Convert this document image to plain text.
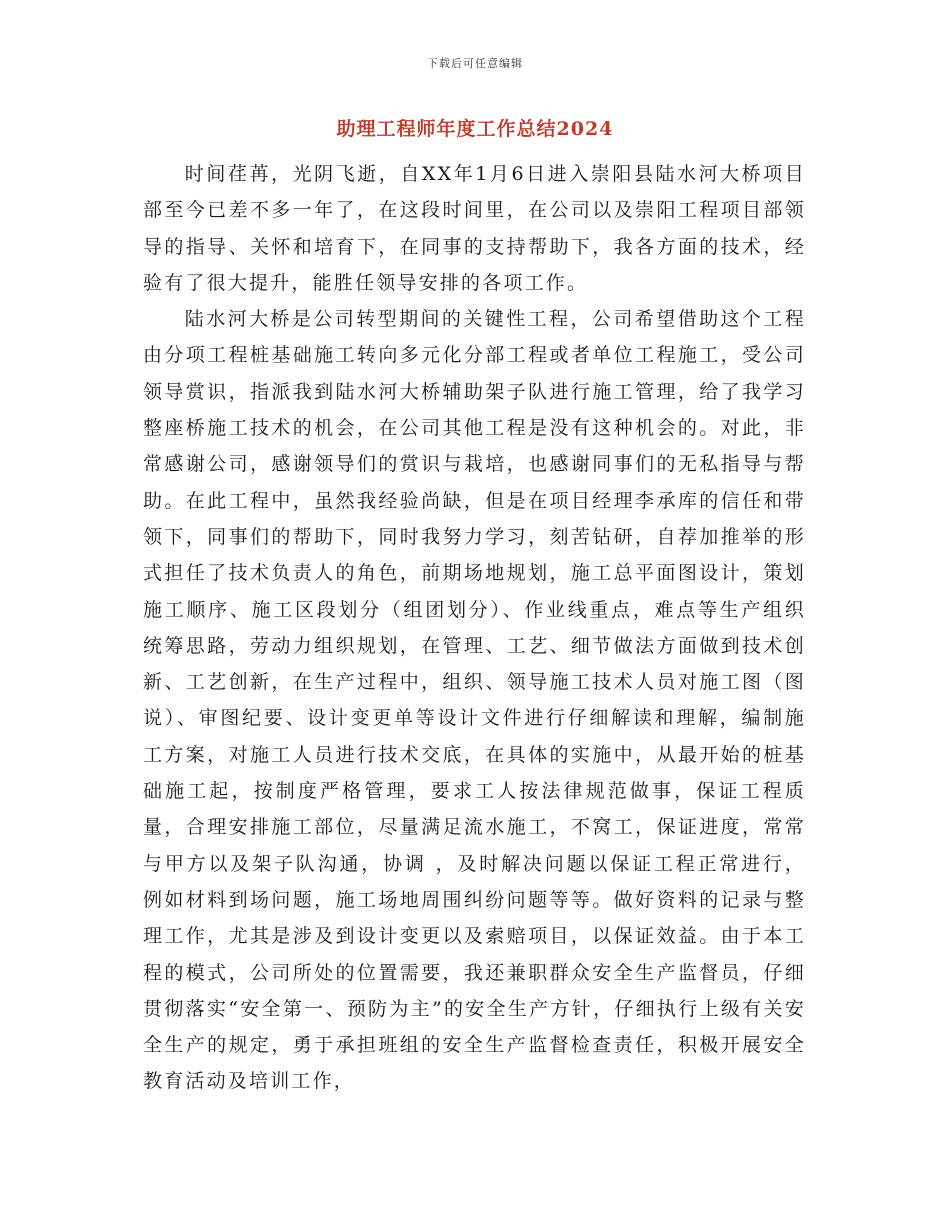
下载后可任意编辑
助理工程师年度工作总结2024

时间荏苒，光阴飞逝，自XX年1月6日进入崇阳县陆水河大桥项目部至今已差不多一年了，在这段时间里，在公司以及崇阳工程项目部领导的指导、关怀和培育下，在同事的支持帮助下，我各方面的技术，经验有了很大提升，能胜任领导安排的各项工作。

陆水河大桥是公司转型期间的关键性工程，公司希望借助这个工程由分项工程桩基础施工转向多元化分部工程或者单位工程施工，受公司领导赏识，指派我到陆水河大桥辅助架子队进行施工管理，给了我学习整座桥施工技术的机会，在公司其他工程是没有这种机会的。对此，非常感谢公司，感谢领导们的赏识与栽培，也感谢同事们的无私指导与帮助。在此工程中，虽然我经验尚缺，但是在项目经理李承库的信任和带领下，同事们的帮助下，同时我努力学习，刻苦钻研，自荐加推举的形式担任了技术负责人的角色，前期场地规划，施工总平面图设计，策划施工顺序、施工区段划分（组团划分）、作业线重点，难点等生产组织统筹思路，劳动力组织规划，在管理、工艺、细节做法方面做到技术创新、工艺创新，在生产过程中，组织、领导施工技术人员对施工图（图说）、审图纪要、设计变更单等设计文件进行仔细解读和理解，编制施工方案，对施工人员进行技术交底，在具体的实施中，从最开始的桩基础施工起，按制度严格管理，要求工人按法律规范做事，保证工程质量，合理安排施工部位，尽量满足流水施工，不窝工，保证进度，常常与甲方以及架子队沟通，协调 ，及时解决问题以保证工程正常进行，例如材料到场问题，施工场地周围纠纷问题等等。做好资料的记录与整理工作，尤其是涉及到设计变更以及索赔项目，以保证效益。由于本工程的模式，公司所处的位置需要，我还兼职群众安全生产监督员，仔细贯彻落实“安全第一、预防为主”的安全生产方针，仔细执行上级有关安全生产的规定，勇于承担班组的安全生产监督检查责任，积极开展安全教育活动及培训工作，
